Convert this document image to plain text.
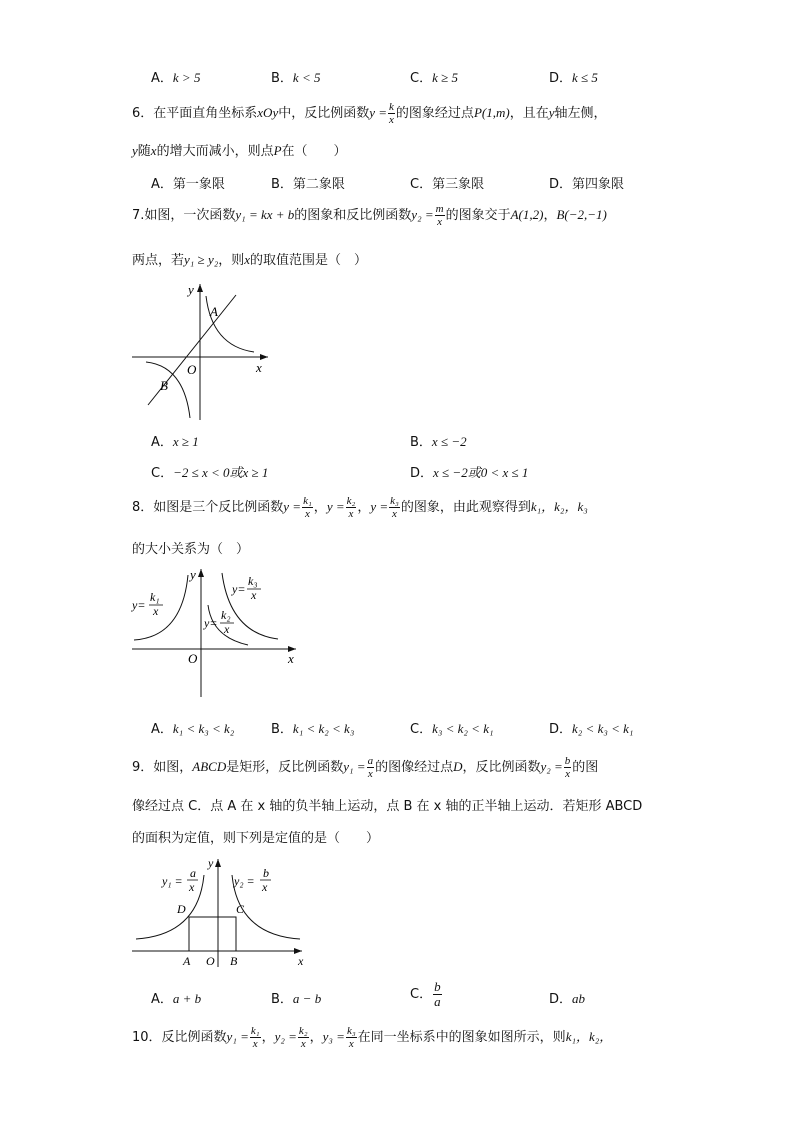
A．k > 5	B．k < 5	C．k ≥ 5	D．k ≤ 5
6．在平面直角坐标系xOy中，反比例函数$y = \frac{k}{x}$ 的图象经过点P(1,m)，且在y轴左侧，
y随x的增大而减小，则点P在（　　）
A．第一象限	B．第二象限	C．第三象限	D．第四象限
7.如图，一次函数y₁ = kx + b的图象和反比例函数$y_2 = \frac{m}{x}$ 的图象交于A(1,2)，B(−2,−1)
两点，若y₁ ≥ y₂，则x的取值范围是（　）
y
x
O
A
B
A．x ≥ 1	B．x ≤ −2
C．−2 ≤ x < 0或x ≥ 1	D．x ≤ −2或0 < x ≤ 1
8．如图是三个反比例函数$y = \frac{\text{k₁}}{x}$ ，$y = \frac{\text{k₂}}{x}$ ，$y = \frac{\text{k₃}}{x}$ 的图象，由此观察得到k₁，k₂，k₃
的大小关系为（　）
y
x
O
y=
k₁
x
y=
k₂
x
y=
k₃
x
A．k₁ < k₃ < k₂	B．k₁ < k₂ < k₃	C．k₃ < k₂ < k₁	D．k₂ < k₃ < k₁
9．如图，ABCD是矩形，反比例函数$y_1 = \frac{a}{x}$ 的图像经过点D，反比例函数$y_2 = \frac{b}{x}$ 的图
像经过点 C．点 A 在 x 轴的负半轴上运动，点 B 在 x 轴的正半轴上运动．若矩形 ABCD
的面积为定值，则下列是定值的是（　　）
y
x
O
A	B
C
D
y₁ =
a
x	y₂ =
b
x
A．a + b	B．a − b	C． $\frac{b}{a}$	D．ab
10．反比例函数$y_1 = \frac{\text{k₁}}{x}$ ，$y_2 = \frac{\text{k₂}}{x}$ ，$y_3 = \frac{\text{k₃}}{x}$ 在同一坐标系中的图象如图所示，则k₁，k₂，
